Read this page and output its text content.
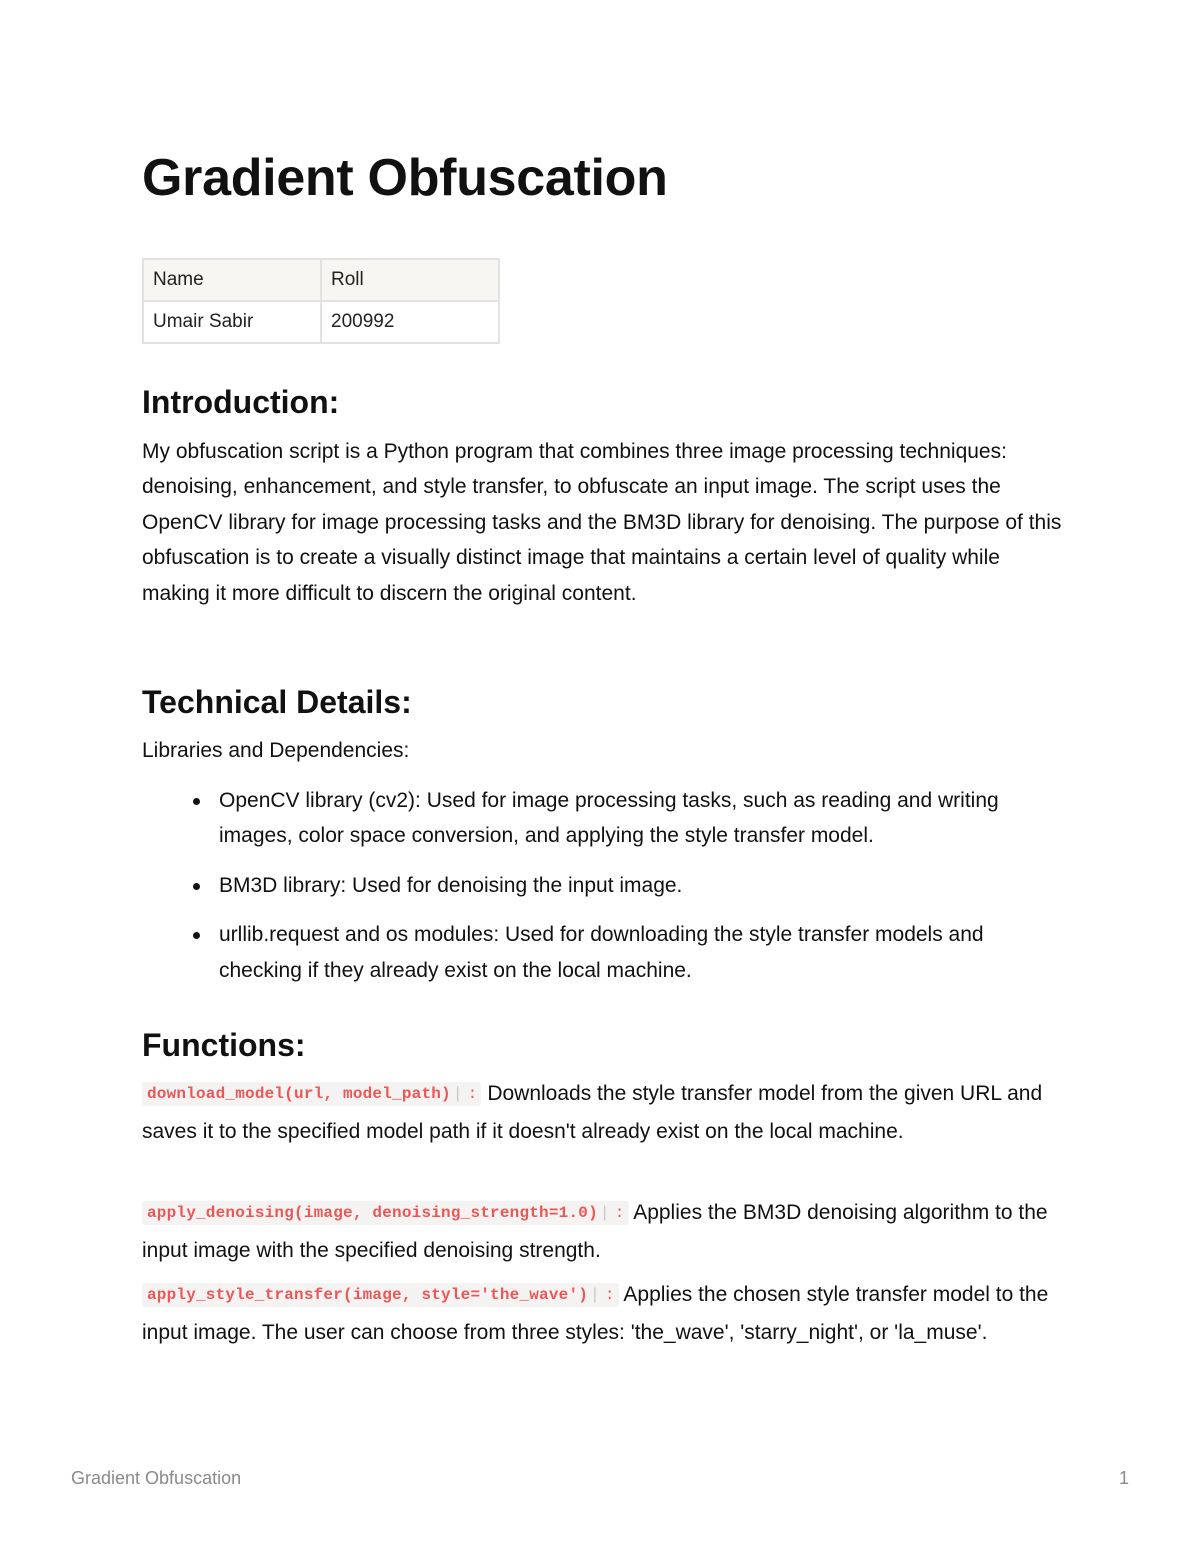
Gradient Obfuscation
Name	Roll
Umair Sabir	200992
Introduction:

My obfuscation script is a Python program that combines three image processing techniques: denoising, enhancement, and style transfer, to obfuscate an input image. The script uses the OpenCV library for image processing tasks and the BM3D library for denoising. The purpose of this obfuscation is to create a visually distinct image that maintains a certain level of quality while making it more difficult to discern the original content.

Technical Details:

Libraries and Dependencies:

OpenCV library (cv2): Used for image processing tasks, such as reading and writing images, color space conversion, and applying the style transfer model.
BM3D library: Used for denoising the input image.
urllib.request and os modules: Used for downloading the style transfer models and checking if they already exist on the local machine.
Functions:

download_model(url, model_path) | : Downloads the style transfer model from the given URL and saves it to the specified model path if it doesn't already exist on the local machine.

apply_denoising(image, denoising_strength=1.0) | : Applies the BM3D denoising algorithm to the input image with the specified denoising strength.

apply_style_transfer(image, style='the_wave') | : Applies the chosen style transfer model to the input image. The user can choose from three styles: 'the_wave', 'starry_night', or 'la_muse'.

Gradient Obfuscation	1
